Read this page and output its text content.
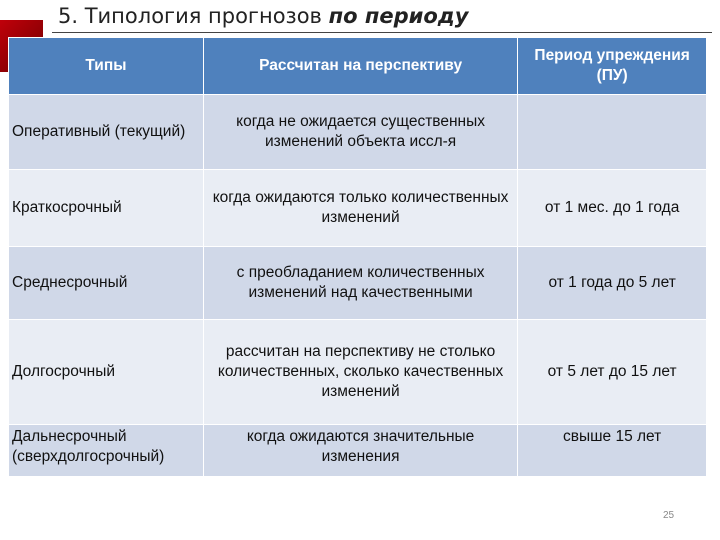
5. Типология прогнозов по периоду
Типы	Рассчитан на перспективу	Период упреждения (ПУ)
Оперативный (текущий)	когда не ожидается существенных изменений объекта иссл-я	
Краткосрочный	когда ожидаются только количественных изменений	от 1 мес. до 1 года
Среднесрочный	с преобладанием количественных изменений над качественными	от 1 года до 5 лет
Долгосрочный	рассчитан на перспективу не столько количественных, сколько качественных изменений	от 5 лет до 15 лет
Дальнесрочный (сверхдолгосрочный)	когда ожидаются значительные изменения	свыше 15 лет
25
